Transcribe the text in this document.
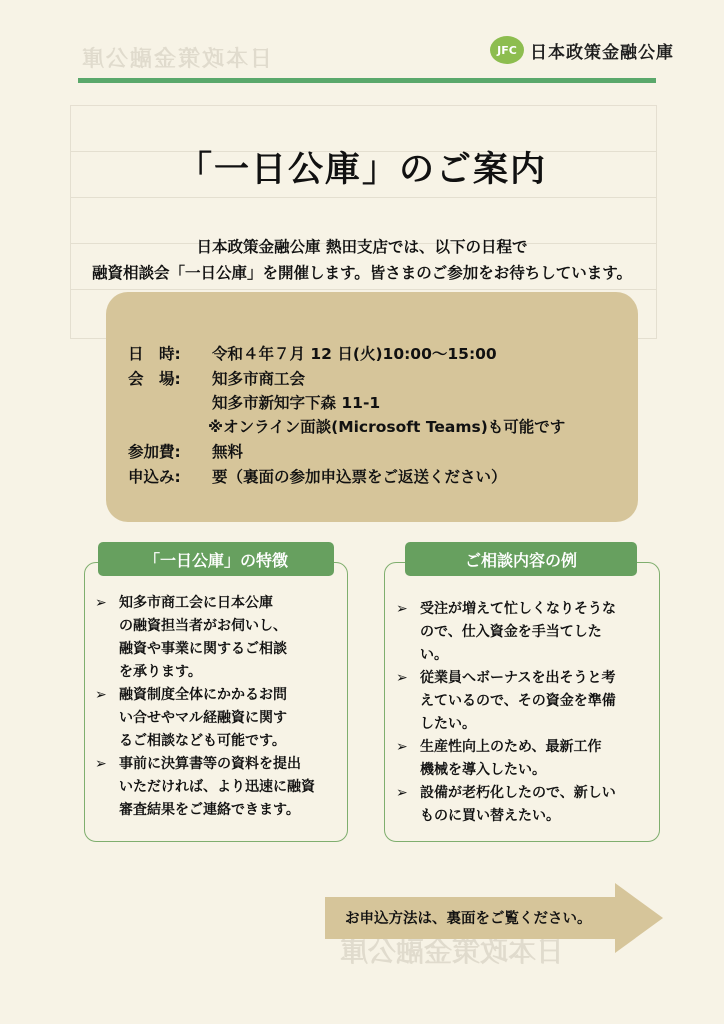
日本政策金融公庫
日本政策金融公庫
JFC 日本政策金融公庫
「一日公庫」のご案内
日本政策金融公庫 熱田支店では、以下の日程で
融資相談会「一日公庫」を開催します。皆さまのご参加をお待ちしています。
日　時: 令和４年７月 12 日(火)10:00～15:00
会　場: 知多市商工会
知多市新知字下森 11-1
※オンライン面談(Microsoft Teams)も可能です
参加費: 無料
申込み: 要（裏面の参加申込票をご返送ください）
「一日公庫」の特徴
➢ 知多市商工会に日本公庫
の融資担当者がお伺いし、
融資や事業に関するご相談
を承ります。
➢ 融資制度全体にかかるお問
い合せやマル経融資に関す
るご相談なども可能です。
➢ 事前に決算書等の資料を提出
いただければ、より迅速に融資
審査結果をご連絡できます。
ご相談内容の例
➢ 受注が増えて忙しくなりそうな
ので、仕入資金を手当てした
い。
➢ 従業員へボーナスを出そうと考
えているので、その資金を準備
したい。
➢ 生産性向上のため、最新工作
機械を導入したい。
➢ 設備が老朽化したので、新しい
ものに買い替えたい。
お申込方法は、裏面をご覧ください。
